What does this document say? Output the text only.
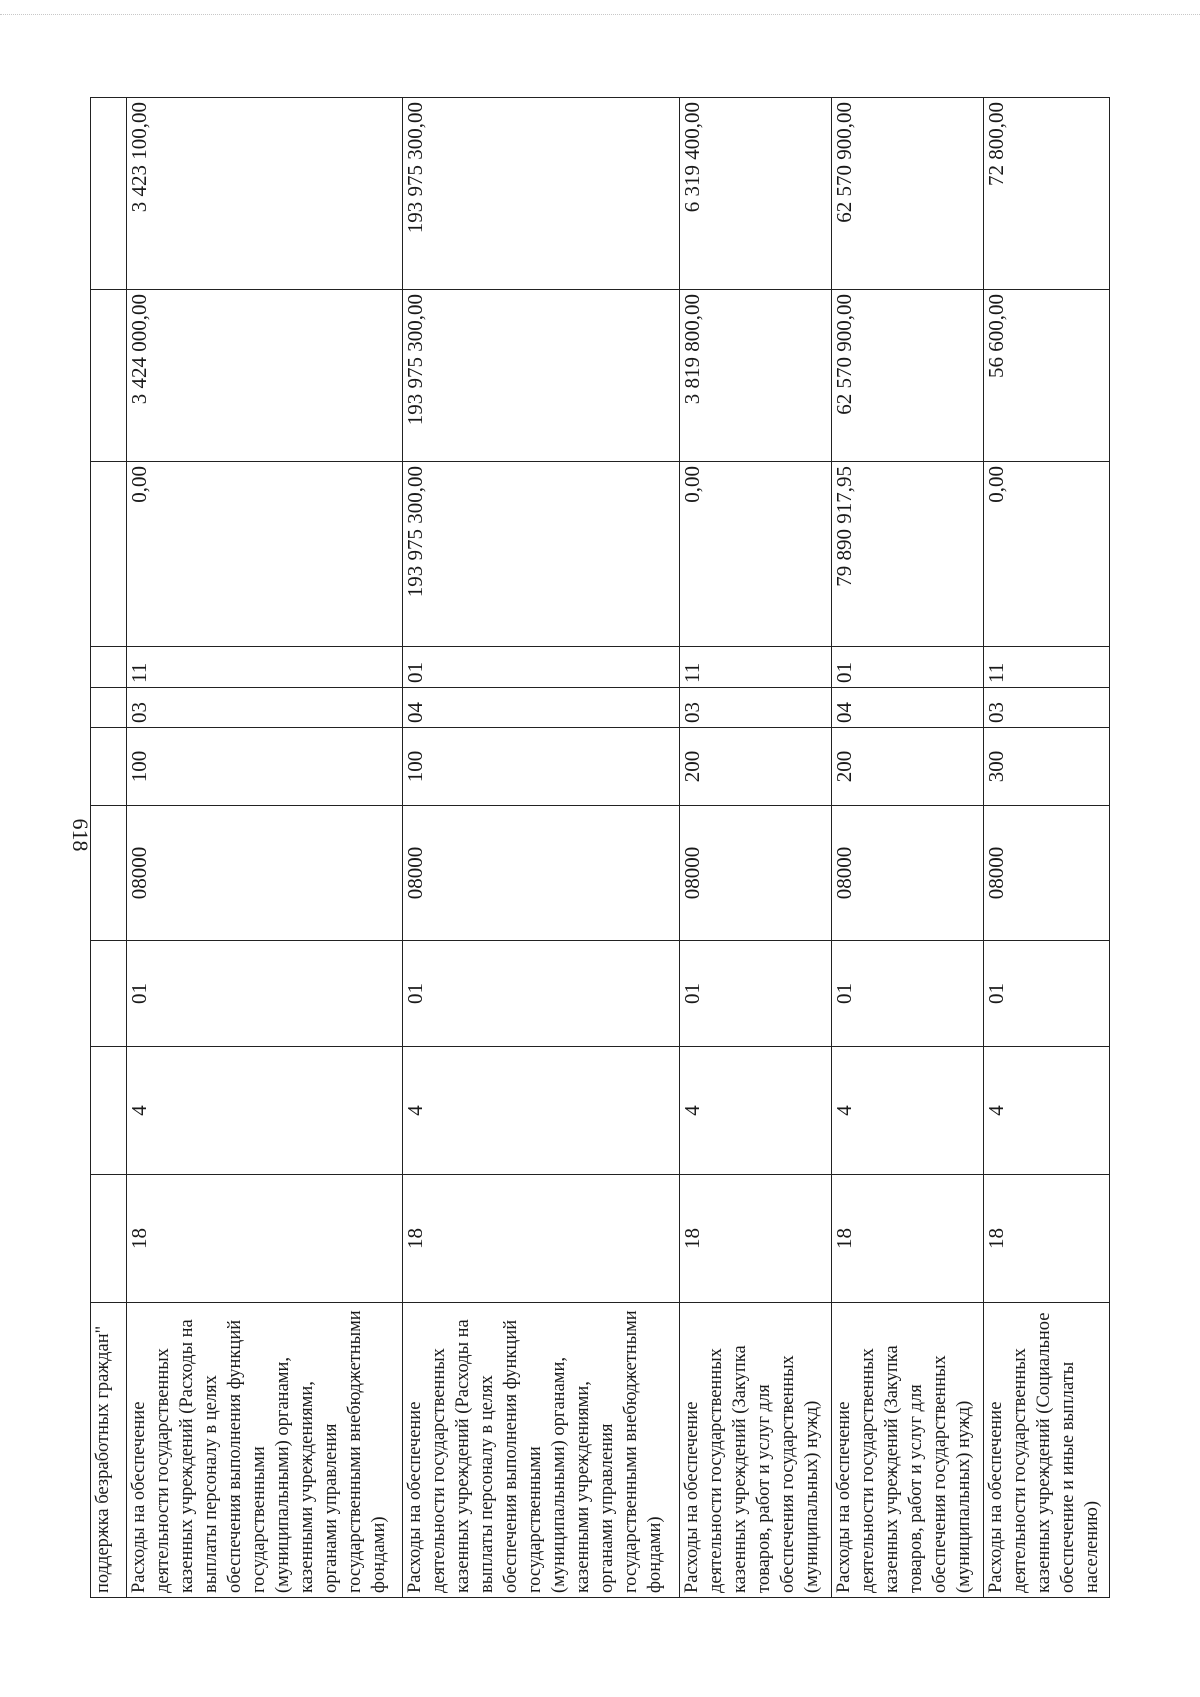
618
поддержка безработных граждан"										
Расходы на обеспечение деятельности государственных казенных учреждений (Расходы на выплаты персоналу в целях обеспечения выполнения функций государственными (муниципальными) органами, казенными учреждениями, органами управления государственными внебюджетными фондами)	18	4	01	08000	100	03	11	0,00	3 424 000,00	3 423 100,00
Расходы на обеспечение деятельности государственных казенных учреждений (Расходы на выплаты персоналу в целях обеспечения выполнения функций государственными (муниципальными) органами, казенными учреждениями, органами управления государственными внебюджетными фондами)	18	4	01	08000	100	04	01	193 975 300,00	193 975 300,00	193 975 300,00
Расходы на обеспечение деятельности государственных казенных учреждений (Закупка товаров, работ и услуг для обеспечения государственных (муниципальных) нужд)	18	4	01	08000	200	03	11	0,00	3 819 800,00	6 319 400,00
Расходы на обеспечение деятельности государственных казенных учреждений (Закупка товаров, работ и услуг для обеспечения государственных (муниципальных) нужд)	18	4	01	08000	200	04	01	79 890 917,95	62 570 900,00	62 570 900,00
Расходы на обеспечение деятельности государственных казенных учреждений (Социальное обеспечение и иные выплаты населению)	18	4	01	08000	300	03	11	0,00	56 600,00	72 800,00
